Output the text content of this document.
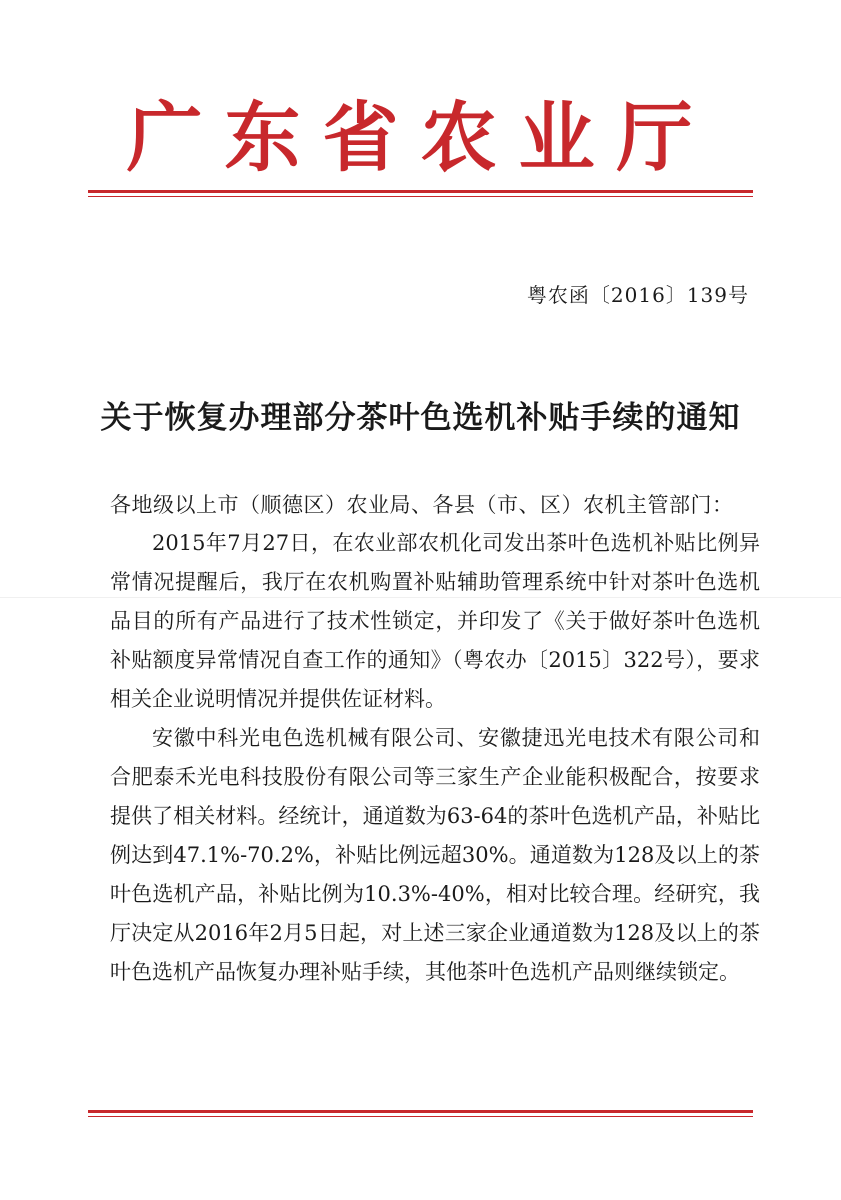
广东省农业厅
粤农函〔2016〕139号
关于恢复办理部分茶叶色选机补贴手续的通知
各地级以上市（顺德区）农业局、各县（市、区）农机主管部门：

2015年7月27日，在农业部农机化司发出茶叶色选机补贴比例异常情况提醒后，我厅在农机购置补贴辅助管理系统中针对茶叶色选机品目的所有产品进行了技术性锁定，并印发了《关于做好茶叶色选机补贴额度异常情况自查工作的通知》（粤农办〔2015〕322号），要求相关企业说明情况并提供佐证材料。

安徽中科光电色选机械有限公司、安徽捷迅光电技术有限公司和合肥泰禾光电科技股份有限公司等三家生产企业能积极配合，按要求提供了相关材料。经统计，通道数为63-64的茶叶色选机产品，补贴比例达到47.1%-70.2%，补贴比例远超30%。通道数为128及以上的茶叶色选机产品，补贴比例为10.3%-40%，相对比较合理。经研究，我厅决定从2016年2月5日起，对上述三家企业通道数为128及以上的茶叶色选机产品恢复办理补贴手续，其他茶叶色选机产品则继续锁定。
